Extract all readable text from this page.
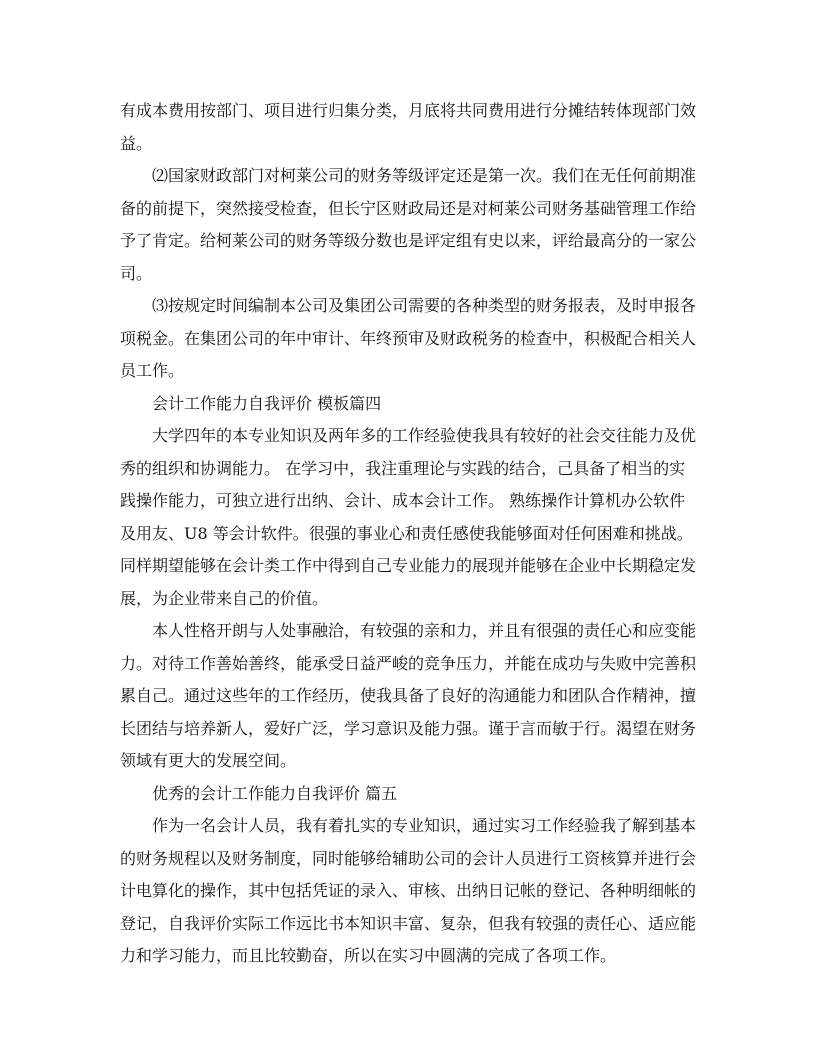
有成本费用按部门、项目进行归集分类，月底将共同费用进行分摊结转体现部门效益。

⑵国家财政部门对柯莱公司的财务等级评定还是第一次。我们在无任何前期准备的前提下，突然接受检查，但长宁区财政局还是对柯莱公司财务基础管理工作给予了肯定。给柯莱公司的财务等级分数也是评定组有史以来，评给最高分的一家公司。

⑶按规定时间编制本公司及集团公司需要的各种类型的财务报表，及时申报各项税金。在集团公司的年中审计、年终预审及财政税务的检查中，积极配合相关人员工作。

会计工作能力自我评价 模板篇四

大学四年的本专业知识及两年多的工作经验使我具有较好的社会交往能力及优秀的组织和协调能力。 在学习中，我注重理论与实践的结合，己具备了相当的实践操作能力，可独立进行出纳、会计、成本会计工作。 熟练操作计算机办公软件及用友、U8 等会计软件。很强的事业心和责任感使我能够面对任何困难和挑战。同样期望能够在会计类工作中得到自己专业能力的展现并能够在企业中长期稳定发展，为企业带来自己的价值。

本人性格开朗与人处事融洽，有较强的亲和力，并且有很强的责任心和应变能力。对待工作善始善终，能承受日益严峻的竞争压力，并能在成功与失败中完善积累自己。通过这些年的工作经历，使我具备了良好的沟通能力和团队合作精神，擅长团结与培养新人，爱好广泛，学习意识及能力强。谨于言而敏于行。渴望在财务领域有更大的发展空间。

优秀的会计工作能力自我评价 篇五

作为一名会计人员，我有着扎实的专业知识，通过实习工作经验我了解到基本的财务规程以及财务制度，同时能够给辅助公司的会计人员进行工资核算并进行会计电算化的操作，其中包括凭证的录入、审核、出纳日记帐的登记、各种明细帐的登记，自我评价实际工作远比书本知识丰富、复杂，但我有较强的责任心、适应能力和学习能力，而且比较勤奋，所以在实习中圆满的完成了各项工作。
